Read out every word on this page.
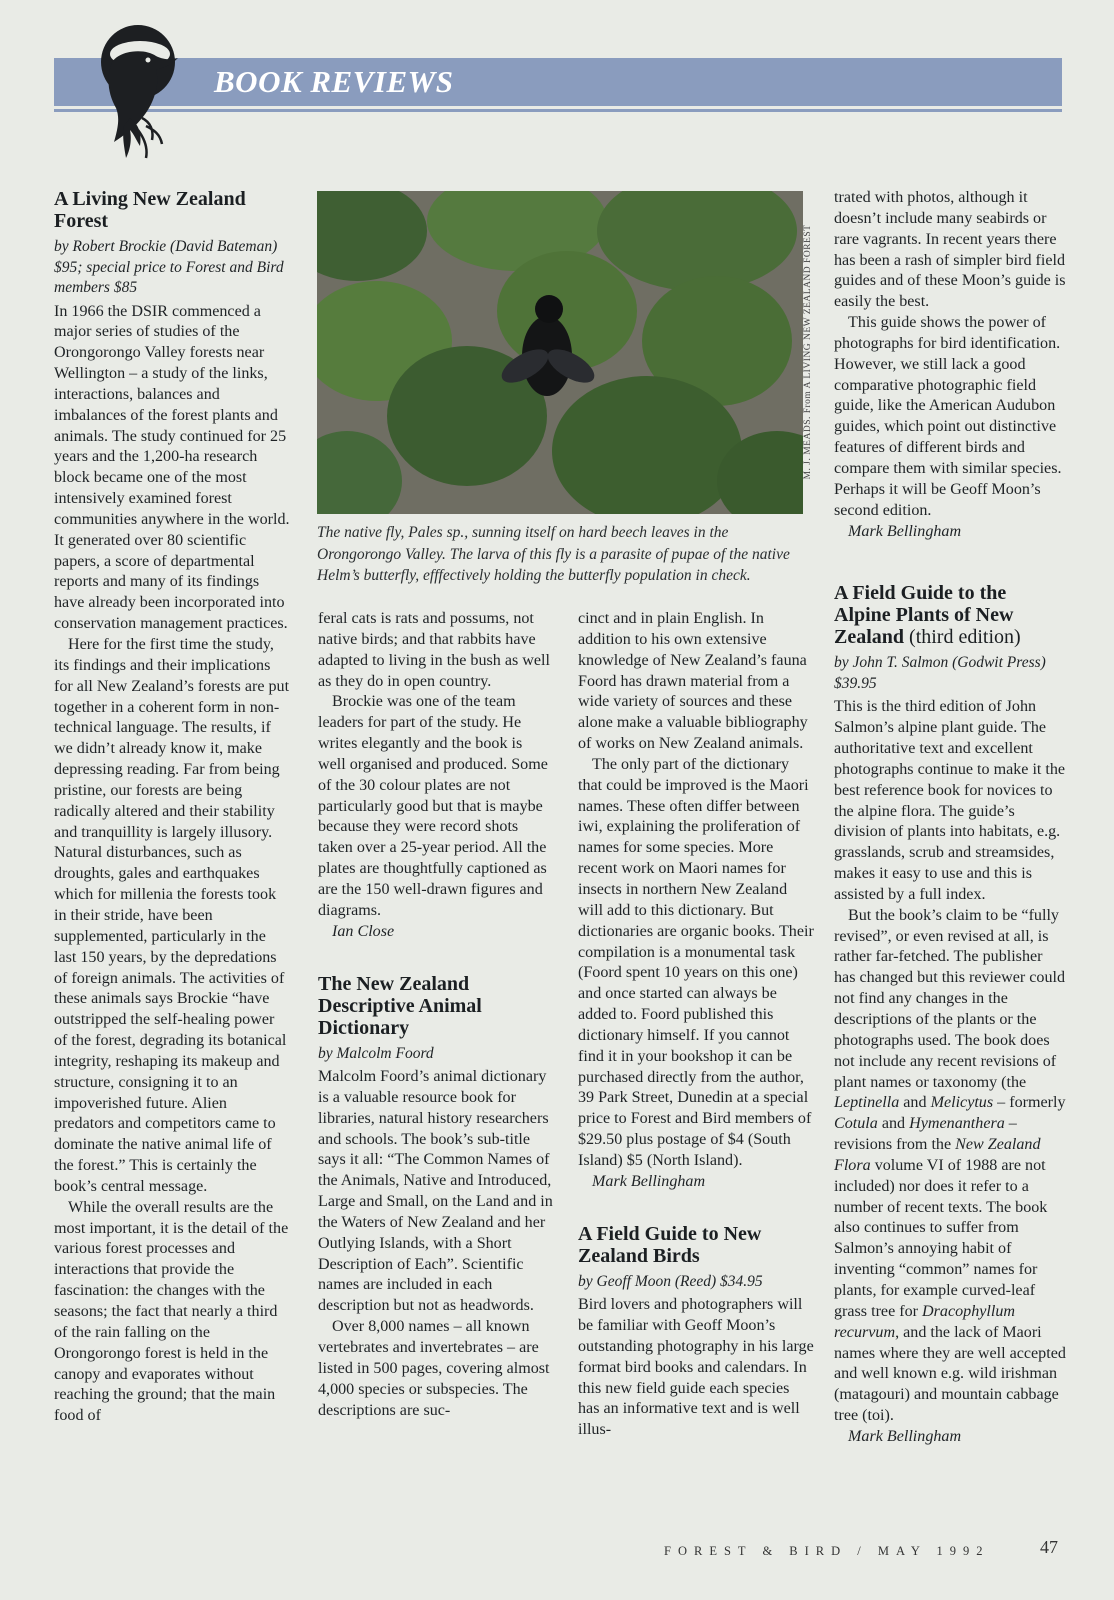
BOOK REVIEWS
M. J. MEADS. From A LIVING NEW ZEALAND FOREST
The native fly, Pales sp., sunning itself on hard beech leaves in the Orongorongo Valley. The larva of this fly is a parasite of pupae of the native Helm’s butterfly, efffectively holding the butterfly population in check.
A Living New Zealand Forest
by Robert Brockie (David Bateman) $95; special price to Forest and Bird members $85

In 1966 the DSIR commenced a major series of studies of the Orongorongo Valley forests near Wellington – a study of the links, interactions, balances and imbalances of the forest plants and animals. The study continued for 25 years and the 1,200-ha research block became one of the most intensively examined forest communities anywhere in the world. It generated over 80 scientific papers, a score of departmental reports and many of its findings have already been incorporated into conservation management practices.

Here for the first time the study, its findings and their implications for all New Zealand’s forests are put together in a coherent form in non-technical language. The results, if we didn’t already know it, make depressing reading. Far from being pristine, our forests are being radically altered and their stability and tranquillity is largely illusory. Natural disturbances, such as droughts, gales and earthquakes which for millenia the forests took in their stride, have been supplemented, particularly in the last 150 years, by the depredations of foreign animals. The activities of these animals says Brockie “have outstripped the self-healing power of the forest, degrading its botanical integrity, reshaping its makeup and structure, consigning it to an impoverished future. Alien predators and competitors came to dominate the native animal life of the forest.” This is certainly the book’s central message.

While the overall results are the most important, it is the detail of the various forest processes and interactions that provide the fascination: the changes with the seasons; the fact that nearly a third of the rain falling on the Orongorongo forest is held in the canopy and evaporates without reaching the ground; that the main food of

feral cats is rats and possums, not native birds; and that rabbits have adapted to living in the bush as well as they do in open country.

Brockie was one of the team leaders for part of the study. He writes elegantly and the book is well organised and produced. Some of the 30 colour plates are not particularly good but that is maybe because they were record shots taken over a 25-year period. All the plates are thoughtfully captioned as are the 150 well-drawn figures and diagrams.

Ian Close

The New Zealand Descriptive Animal Dictionary
by Malcolm Foord

Malcolm Foord’s animal dictionary is a valuable resource book for libraries, natural history researchers and schools. The book’s sub-title says it all: “The Common Names of the Animals, Native and Introduced, Large and Small, on the Land and in the Waters of New Zealand and her Outlying Islands, with a Short Description of Each”. Scientific names are included in each description but not as headwords.

Over 8,000 names – all known vertebrates and invertebrates – are listed in 500 pages, covering almost 4,000 species or subspecies. The descriptions are suc-

cinct and in plain English. In addition to his own extensive knowledge of New Zealand’s fauna Foord has drawn material from a wide variety of sources and these alone make a valuable bibliography of works on New Zealand animals.

The only part of the dictionary that could be improved is the Maori names. These often differ between iwi, explaining the proliferation of names for some species. More recent work on Maori names for insects in northern New Zealand will add to this dictionary. But dictionaries are organic books. Their compilation is a monumental task (Foord spent 10 years on this one) and once started can always be added to. Foord published this dictionary himself. If you cannot find it in your bookshop it can be purchased directly from the author, 39 Park Street, Dunedin at a special price to Forest and Bird members of $29.50 plus postage of $4 (South Island) $5 (North Island).

Mark Bellingham

A Field Guide to New Zealand Birds
by Geoff Moon (Reed) $34.95

Bird lovers and photographers will be familiar with Geoff Moon’s outstanding photography in his large format bird books and calendars. In this new field guide each species has an informative text and is well illus-

trated with photos, although it doesn’t include many seabirds or rare vagrants. In recent years there has been a rash of simpler bird field guides and of these Moon’s guide is easily the best.

This guide shows the power of photographs for bird identification. However, we still lack a good comparative photographic field guide, like the American Audubon guides, which point out distinctive features of different birds and compare them with similar species. Perhaps it will be Geoff Moon’s second edition.

Mark Bellingham

A Field Guide to the Alpine Plants of New Zealand (third edition)
by John T. Salmon (Godwit Press) $39.95

This is the third edition of John Salmon’s alpine plant guide. The authoritative text and excellent photographs continue to make it the best reference book for novices to the alpine flora. The guide’s division of plants into habitats, e.g. grasslands, scrub and streamsides, makes it easy to use and this is assisted by a full index.

But the book’s claim to be “fully revised”, or even revised at all, is rather far-fetched. The publisher has changed but this reviewer could not find any changes in the descriptions of the plants or the photographs used. The book does not include any recent revisions of plant names or taxonomy (the Leptinella and Melicytus – formerly Cotula and Hymenanthera – revisions from the New Zealand Flora volume VI of 1988 are not included) nor does it refer to a number of recent texts. The book also continues to suffer from Salmon’s annoying habit of inventing “common” names for plants, for example curved-leaf grass tree for Dracophyllum recurvum, and the lack of Maori names where they are well accepted and well known e.g. wild irishman (matagouri) and mountain cabbage tree (toi).

Mark Bellingham

FOREST & BIRD / MAY 1992	47
